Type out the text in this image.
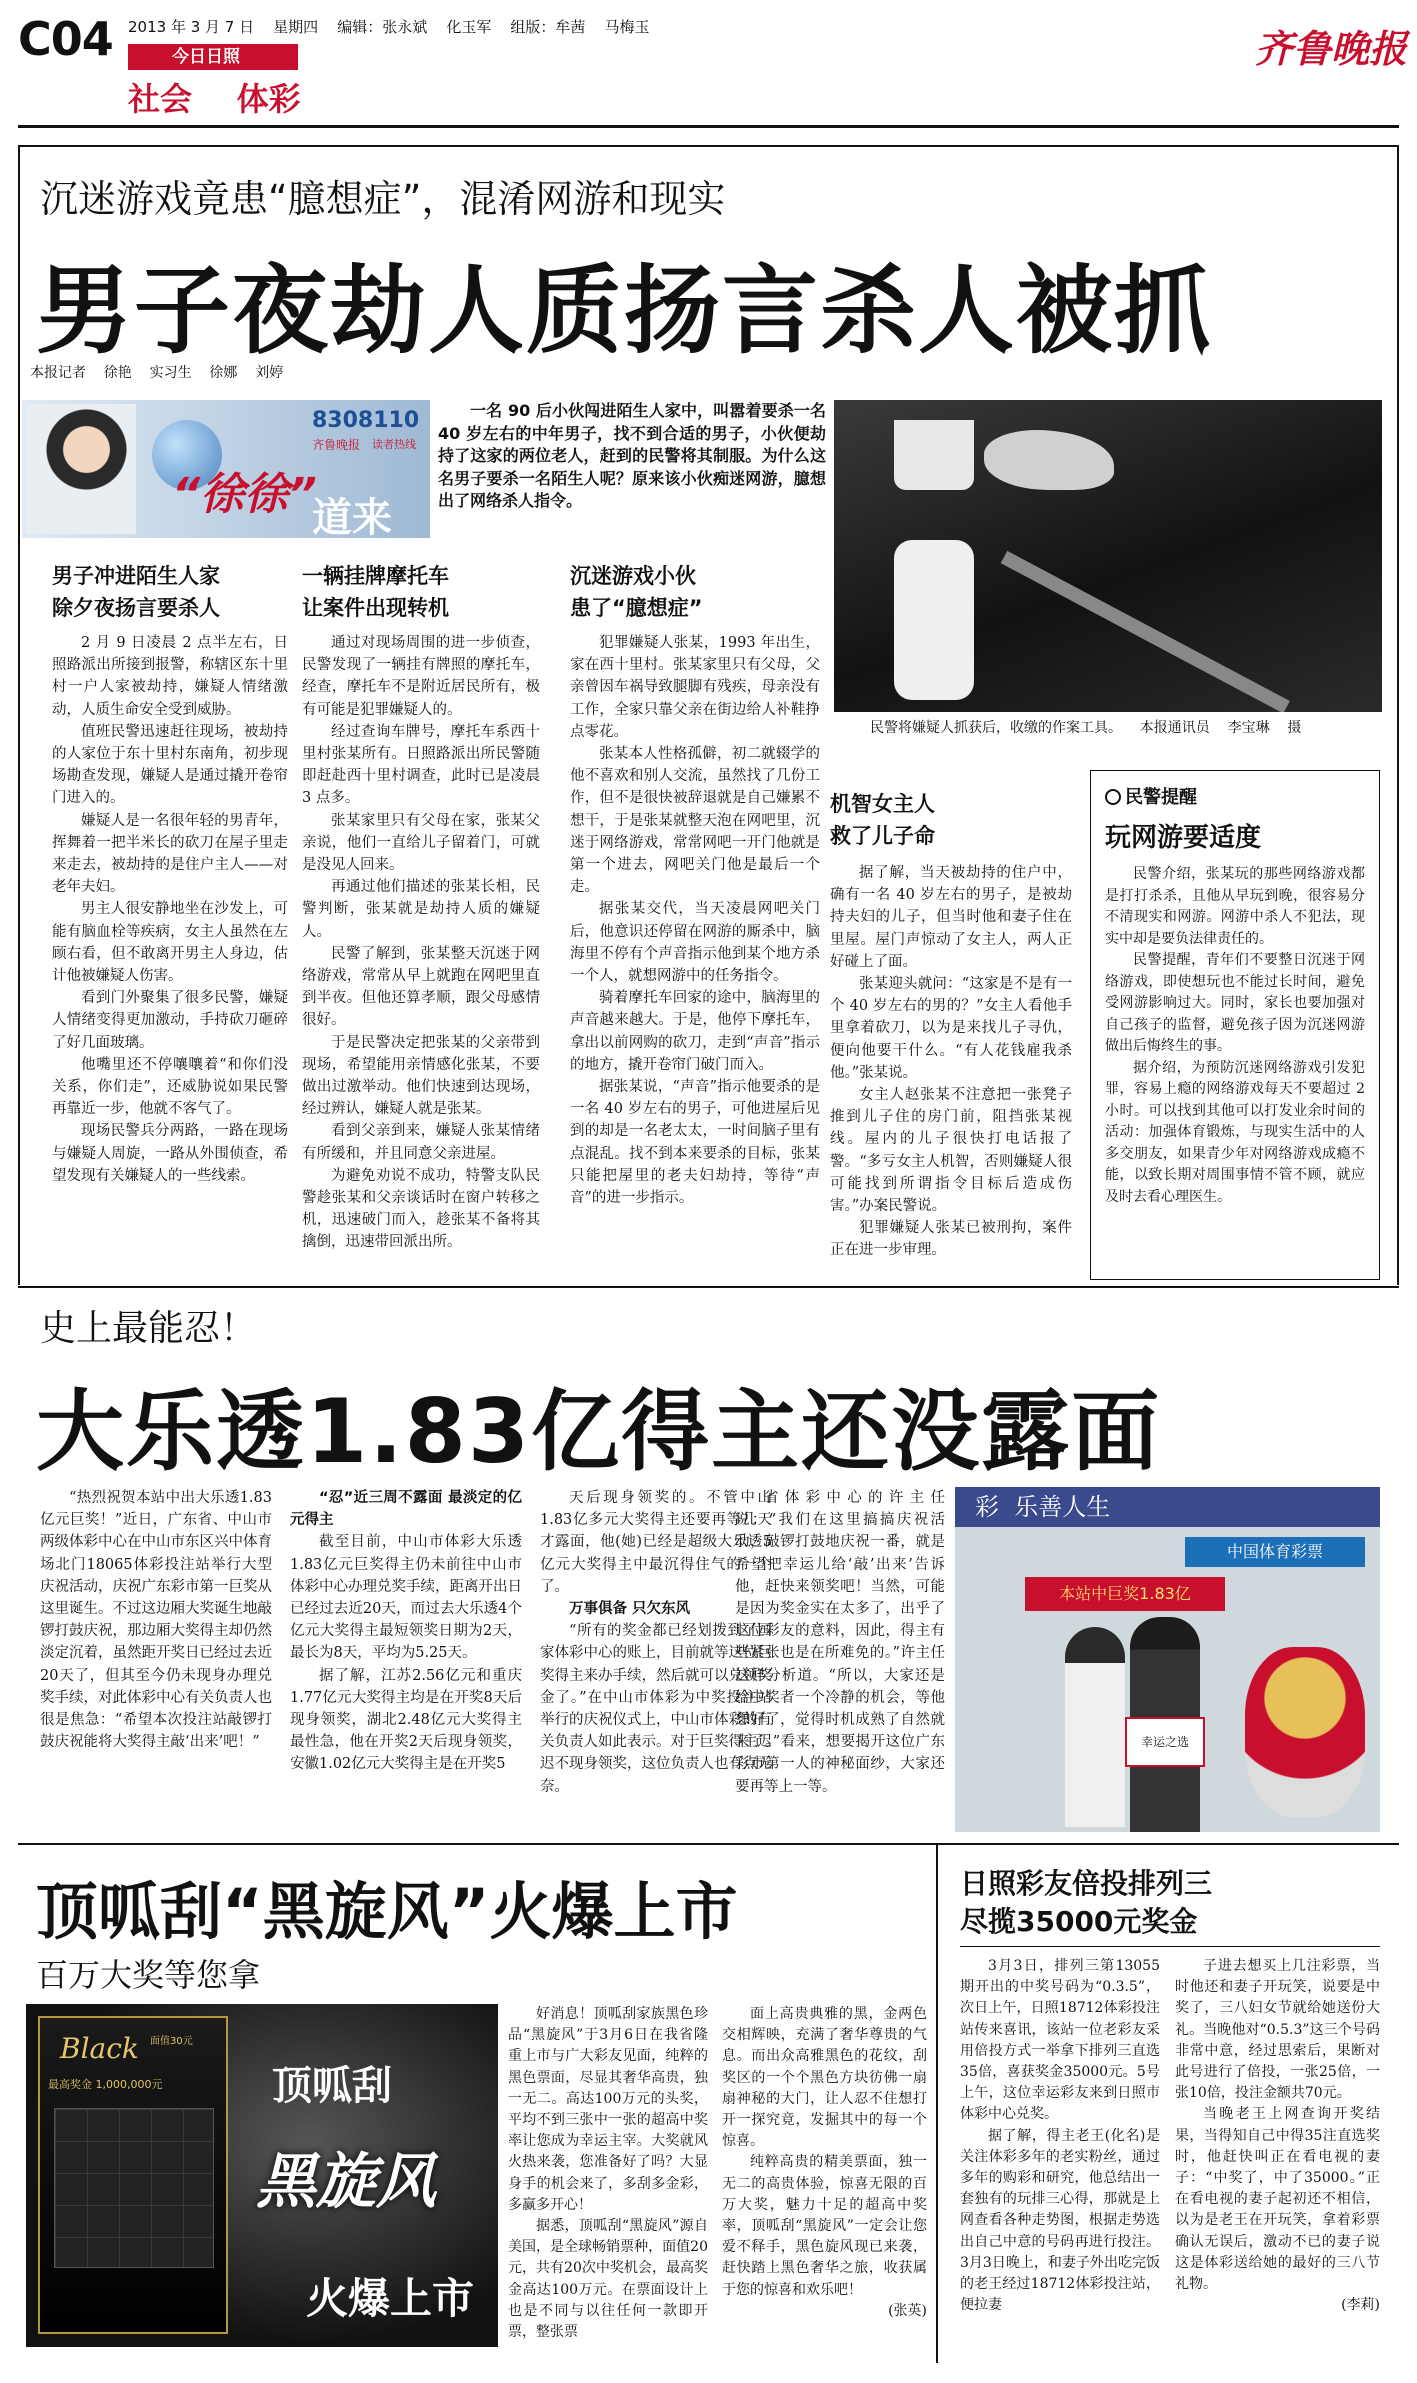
C04 2013 年 3 月 7 日    星期四    编辑：张永斌    化玉军    组版：牟茜    马梅玉
今日日照
社会    体彩
齐鲁晚报
沉迷游戏竟患“臆想症”，混淆网游和现实
男子夜劫人质扬言杀人被抓
本报记者    徐艳    实习生    徐娜    刘婷
8308110
齐鲁晚报 读者热线
“徐徐”
道来
一名 90 后小伙闯进陌生人家中，叫嚣着要杀一名 40 岁左右的中年男子，找不到合适的男子，小伙便劫持了这家的两位老人，赶到的民警将其制服。为什么这名男子要杀一名陌生人呢？原来该小伙痴迷网游，臆想出了网络杀人指令。
民警将嫌疑人抓获后，收缴的作案工具。    本报通讯员    李宝琳    摄
男子冲进陌生人家
除夕夜扬言要杀人

2 月 9 日凌晨 2 点半左右，日照路派出所接到报警，称辖区东十里村一户人家被劫持，嫌疑人情绪激动，人质生命安全受到威胁。

值班民警迅速赶往现场，被劫持的人家位于东十里村东南角，初步现场勘查发现，嫌疑人是通过撬开卷帘门进入的。

嫌疑人是一名很年轻的男青年，挥舞着一把半米长的砍刀在屋子里走来走去，被劫持的是住户主人——对老年夫妇。

男主人很安静地坐在沙发上，可能有脑血栓等疾病，女主人虽然在左顾右看，但不敢离开男主人身边，估计他被嫌疑人伤害。

看到门外聚集了很多民警，嫌疑人情绪变得更加激动，手持砍刀砸碎了好几面玻璃。

他嘴里还不停嚷嚷着“和你们没关系，你们走”，还威胁说如果民警再靠近一步，他就不客气了。

现场民警兵分两路，一路在现场与嫌疑人周旋，一路从外围侦查，希望发现有关嫌疑人的一些线索。

一辆挂牌摩托车
让案件出现转机

通过对现场周围的进一步侦查，民警发现了一辆挂有牌照的摩托车，经查，摩托车不是附近居民所有，极有可能是犯罪嫌疑人的。

经过查询车牌号，摩托车系西十里村张某所有。日照路派出所民警随即赶赴西十里村调查，此时已是凌晨 3 点多。

张某家里只有父母在家，张某父亲说，他们一直给儿子留着门，可就是没见人回来。

再通过他们描述的张某长相，民警判断，张某就是劫持人质的嫌疑人。

民警了解到，张某整天沉迷于网络游戏，常常从早上就跑在网吧里直到半夜。但他还算孝顺，跟父母感情很好。

于是民警决定把张某的父亲带到现场，希望能用亲情感化张某，不要做出过激举动。他们快速到达现场，经过辨认，嫌疑人就是张某。

看到父亲到来，嫌疑人张某情绪有所缓和，并且同意父亲进屋。

为避免劝说不成功，特警支队民警趁张某和父亲谈话时在窗户转移之机，迅速破门而入，趁张某不备将其擒倒，迅速带回派出所。

沉迷游戏小伙
患了“臆想症”

犯罪嫌疑人张某，1993 年出生，家在西十里村。张某家里只有父母，父亲曾因车祸导致腿脚有残疾，母亲没有工作，全家只靠父亲在街边给人补鞋挣点零花。

张某本人性格孤僻，初二就辍学的他不喜欢和别人交流，虽然找了几份工作，但不是很快被辞退就是自己嫌累不想干，于是张某就整天泡在网吧里，沉迷于网络游戏，常常网吧一开门他就是第一个进去，网吧关门他是最后一个走。

据张某交代，当天凌晨网吧关门后，他意识还停留在网游的厮杀中，脑海里不停有个声音指示他到某个地方杀一个人，就想网游中的任务指令。

骑着摩托车回家的途中，脑海里的声音越来越大。于是，他停下摩托车，拿出以前网购的砍刀，走到“声音”指示的地方，撬开卷帘门破门而入。

据张某说，“声音”指示他要杀的是一名 40 岁左右的男子，可他进屋后见到的却是一名老太太，一时间脑子里有点混乱。找不到本来要杀的目标，张某只能把屋里的老夫妇劫持，等待“声音”的进一步指示。

机智女主人
救了儿子命

据了解，当天被劫持的住户中，确有一名 40 岁左右的男子，是被劫持夫妇的儿子，但当时他和妻子住在里屋。屋门声惊动了女主人，两人正好碰上了面。

张某迎头就问：“这家是不是有一个 40 岁左右的男的？”女主人看他手里拿着砍刀，以为是来找儿子寻仇，便向他要干什么。“有人花钱雇我杀他。”张某说。

女主人赵张某不注意把一张凳子推到儿子住的房门前，阻挡张某视线。屋内的儿子很快打电话报了警。“多亏女主人机智，否则嫌疑人很可能找到所谓指令目标后造成伤害。”办案民警说。

犯罪嫌疑人张某已被刑拘，案件正在进一步审理。

民警提醒
玩网游要适度

民警介绍，张某玩的那些网络游戏都是打打杀杀，且他从早玩到晚，很容易分不清现实和网游。网游中杀人不犯法，现实中却是要负法律责任的。

民警提醒，青年们不要整日沉迷于网络游戏，即使想玩也不能过长时间，避免受网游影响过大。同时，家长也要加强对自己孩子的监督，避免孩子因为沉迷网游做出后悔终生的事。

据介绍，为预防沉迷网络游戏引发犯罪，容易上瘾的网络游戏每天不要超过 2 小时。可以找到其他可以打发业余时间的活动：加强体育锻炼，与现实生活中的人多交朋友，如果青少年对网络游戏成瘾不能，以致长期对周围事情不管不顾，就应及时去看心理医生。

史上最能忍！
大乐透1.83亿得主还没露面

“热烈祝贺本站中出大乐透1.83亿元巨奖！”近日，广东省、中山市两级体彩中心在中山市东区兴中体育场北门18065体彩投注站举行大型庆祝活动，庆祝广东彩市第一巨奖从这里诞生。不过这边厢大奖诞生地敲锣打鼓庆祝，那边厢大奖得主却仍然淡定沉着，虽然距开奖日已经过去近20天了，但其至今仍未现身办理兑奖手续，对此体彩中心有关负责人也很是焦急：“希望本次投注站敲锣打鼓庆祝能将大奖得主敲‘出来’吧！”

“忍”近三周不露面 最淡定的亿元得主

截至目前，中山市体彩大乐透1.83亿元巨奖得主仍未前往中山市体彩中心办理兑奖手续，距离开出日已经过去近20天，而过去大乐透4个亿元大奖得主最短领奖日期为2天，最长为8天，平均为5.25天。

据了解，江苏2.56亿元和重庆1.77亿元大奖得主均是在开奖8天后现身领奖，湖北2.48亿元大奖得主最性急，他在开奖2天后现身领奖，安徽1.02亿元大奖得主是在开奖5

天后现身领奖的。不管中山1.83亿多元大奖得主还要再等几天才露面，他(她)已经是超级大乐透5亿元大奖得主中最沉得住气的一个了。

万事俱备 只欠东风

“所有的奖金都已经划拨到了国家体彩中心的账上，目前就等这位巨奖得主来办手续，然后就可以兑领奖金了。”在中山市体彩为中奖投注站举行的庆祝仪式上，中山市体彩的有关负责人如此表示。对于巨奖得主迟迟不现身领奖，这位负责人也有点无奈。

省体彩中心的许主任说：“我们在这里搞搞庆祝活动，敲锣打鼓地庆祝一番，就是希望把幸运儿给‘敲’出来’告诉他，赶快来领奖吧！当然，可能是因为奖金实在太多了，出乎了这位彩友的意料，因此，得主有些紧张也是在所难免的。”许主任这样分析道。“所以，大家还是给中奖者一个冷静的机会，等他想好了，觉得时机成熟了自然就来了。”看来，想要揭开这位广东彩市第一人的神秘面纱，大家还要再等上一等。

彩  乐善人生
中国体育彩票
本站中巨奖1.83亿
幸运之选
顶呱刮“黑旋风”火爆上市
百万大奖等您拿
Black
最高奖金 1,000,000元
面值30元
顶呱刮
黑旋风
火爆上市

好消息！顶呱刮家族黑色珍品“黑旋风”于3月6日在我省隆重上市与广大彩友见面，纯粹的黑色票面，尽显其奢华高贵，独一无二。高达100万元的头奖，平均不到三张中一张的超高中奖率让您成为幸运主宰。大奖就风火热来袭，您准备好了吗？大显身手的机会来了，多刮多金彩，多赢多开心！

据悉，顶呱刮“黑旋风”源自美国，是全球畅销票种，面值20元，共有20次中奖机会，最高奖金高达100万元。在票面设计上也是不同与以往任何一款即开票，整张票

面上高贵典雅的黑，金两色交相辉映，充满了奢华尊贵的气息。而出众高雅黑色的花纹，刮奖区的一个个黑色方块彷佛一扇扇神秘的大门，让人忍不住想打开一探究竟，发掘其中的每一个惊喜。

纯粹高贵的精美票面，独一无二的高贵体验，惊喜无限的百万大奖，魅力十足的超高中奖率，顶呱刮“黑旋风”一定会让您爱不释手，黑色旋风现已来袭，赶快踏上黑色奢华之旅，收获属于您的惊喜和欢乐吧！

(张英)

日照彩友倍投排列三
尽揽35000元奖金

3月3日，排列三第13055期开出的中奖号码为“0.3.5”，次日上午，日照18712体彩投注站传来喜讯，该站一位老彩友采用倍投方式一举拿下排列三直选35倍，喜获奖金35000元。5号上午，这位幸运彩友来到日照市体彩中心兑奖。

据了解，得主老王(化名)是关注体彩多年的老实粉丝，通过多年的购彩和研究，他总结出一套独有的玩排三心得，那就是上网查看各种走势图，根据走势选出自己中意的号码再进行投注。3月3日晚上，和妻子外出吃完饭的老王经过18712体彩投注站，便拉妻

子进去想买上几注彩票，当时他还和妻子开玩笑，说要是中奖了，三八妇女节就给她送份大礼。当晚他对“0.5.3”这三个号码非常中意，经过思索后，果断对此号进行了倍投，一张25倍，一张10倍，投注金额共70元。

当晚老王上网查询开奖结果，当得知自己中得35注直选奖时，他赶快叫正在看电视的妻子：“中奖了，中了35000。”正在看电视的妻子起初还不相信，以为是老王在开玩笑，拿着彩票确认无误后，激动不已的妻子说这是体彩送给她的最好的三八节礼物。

(李莉)
